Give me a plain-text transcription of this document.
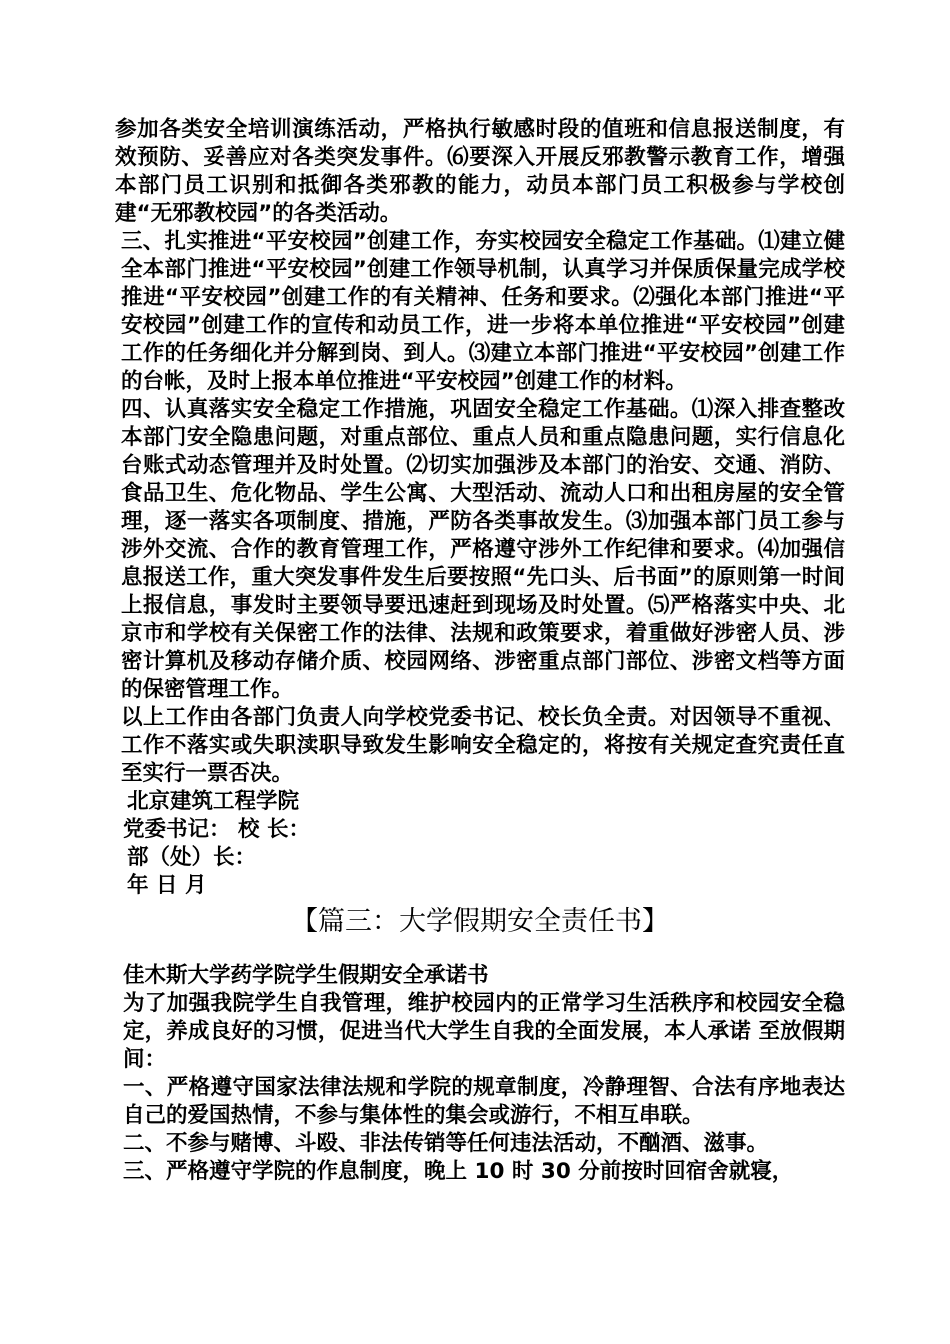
参加各类安全培训演练活动，严格执行敏感时段的值班和信息报送制度，有效预防、妥善应对各类突发事件。⑹要深入开展反邪教警示教育工作，增强本部门员工识别和抵御各类邪教的能力，动员本部门员工积极参与学校创建“无邪教校园”的各类活动。

三、扎实推进“平安校园”创建工作，夯实校园安全稳定工作基础。⑴建立健全本部门推进“平安校园”创建工作领导机制，认真学习并保质保量完成学校推进“平安校园”创建工作的有关精神、任务和要求。⑵强化本部门推进“平安校园”创建工作的宣传和动员工作，进一步将本单位推进“平安校园”创建工作的任务细化并分解到岗、到人。⑶建立本部门推进“平安校园”创建工作的台帐，及时上报本单位推进“平安校园”创建工作的材料。

四、认真落实安全稳定工作措施，巩固安全稳定工作基础。⑴深入排查整改本部门安全隐患问题，对重点部位、重点人员和重点隐患问题，实行信息化台账式动态管理并及时处置。⑵切实加强涉及本部门的治安、交通、消防、食品卫生、危化物品、学生公寓、大型活动、流动人口和出租房屋的安全管理，逐一落实各项制度、措施，严防各类事故发生。⑶加强本部门员工参与涉外交流、合作的教育管理工作，严格遵守涉外工作纪律和要求。⑷加强信息报送工作，重大突发事件发生后要按照“先口头、后书面”的原则第一时间上报信息，事发时主要领导要迅速赶到现场及时处置。⑸严格落实中央、北京市和学校有关保密工作的法律、法规和政策要求，着重做好涉密人员、涉密计算机及移动存储介质、校园网络、涉密重点部门部位、涉密文档等方面的保密管理工作。

以上工作由各部门负责人向学校党委书记、校长负全责。对因领导不重视、工作不落实或失职渎职导致发生影响安全稳定的，将按有关规定查究责任直至实行一票否决。

北京建筑工程学院

党委书记： 校 长：

部（处）长：

年 日 月

【篇三：大学假期安全责任书】

佳木斯大学药学院学生假期安全承诺书

为了加强我院学生自我管理，维护校园内的正常学习生活秩序和校园安全稳定，养成良好的习惯，促进当代大学生自我的全面发展，本人承诺 至放假期间：

一、严格遵守国家法律法规和学院的规章制度，冷静理智、合法有序地表达自己的爱国热情，不参与集体性的集会或游行，不相互串联。

二、不参与赌博、斗殴、非法传销等任何违法活动，不酗酒、滋事。

三、严格遵守学院的作息制度，晚上 10 时 30 分前按时回宿舍就寝，
